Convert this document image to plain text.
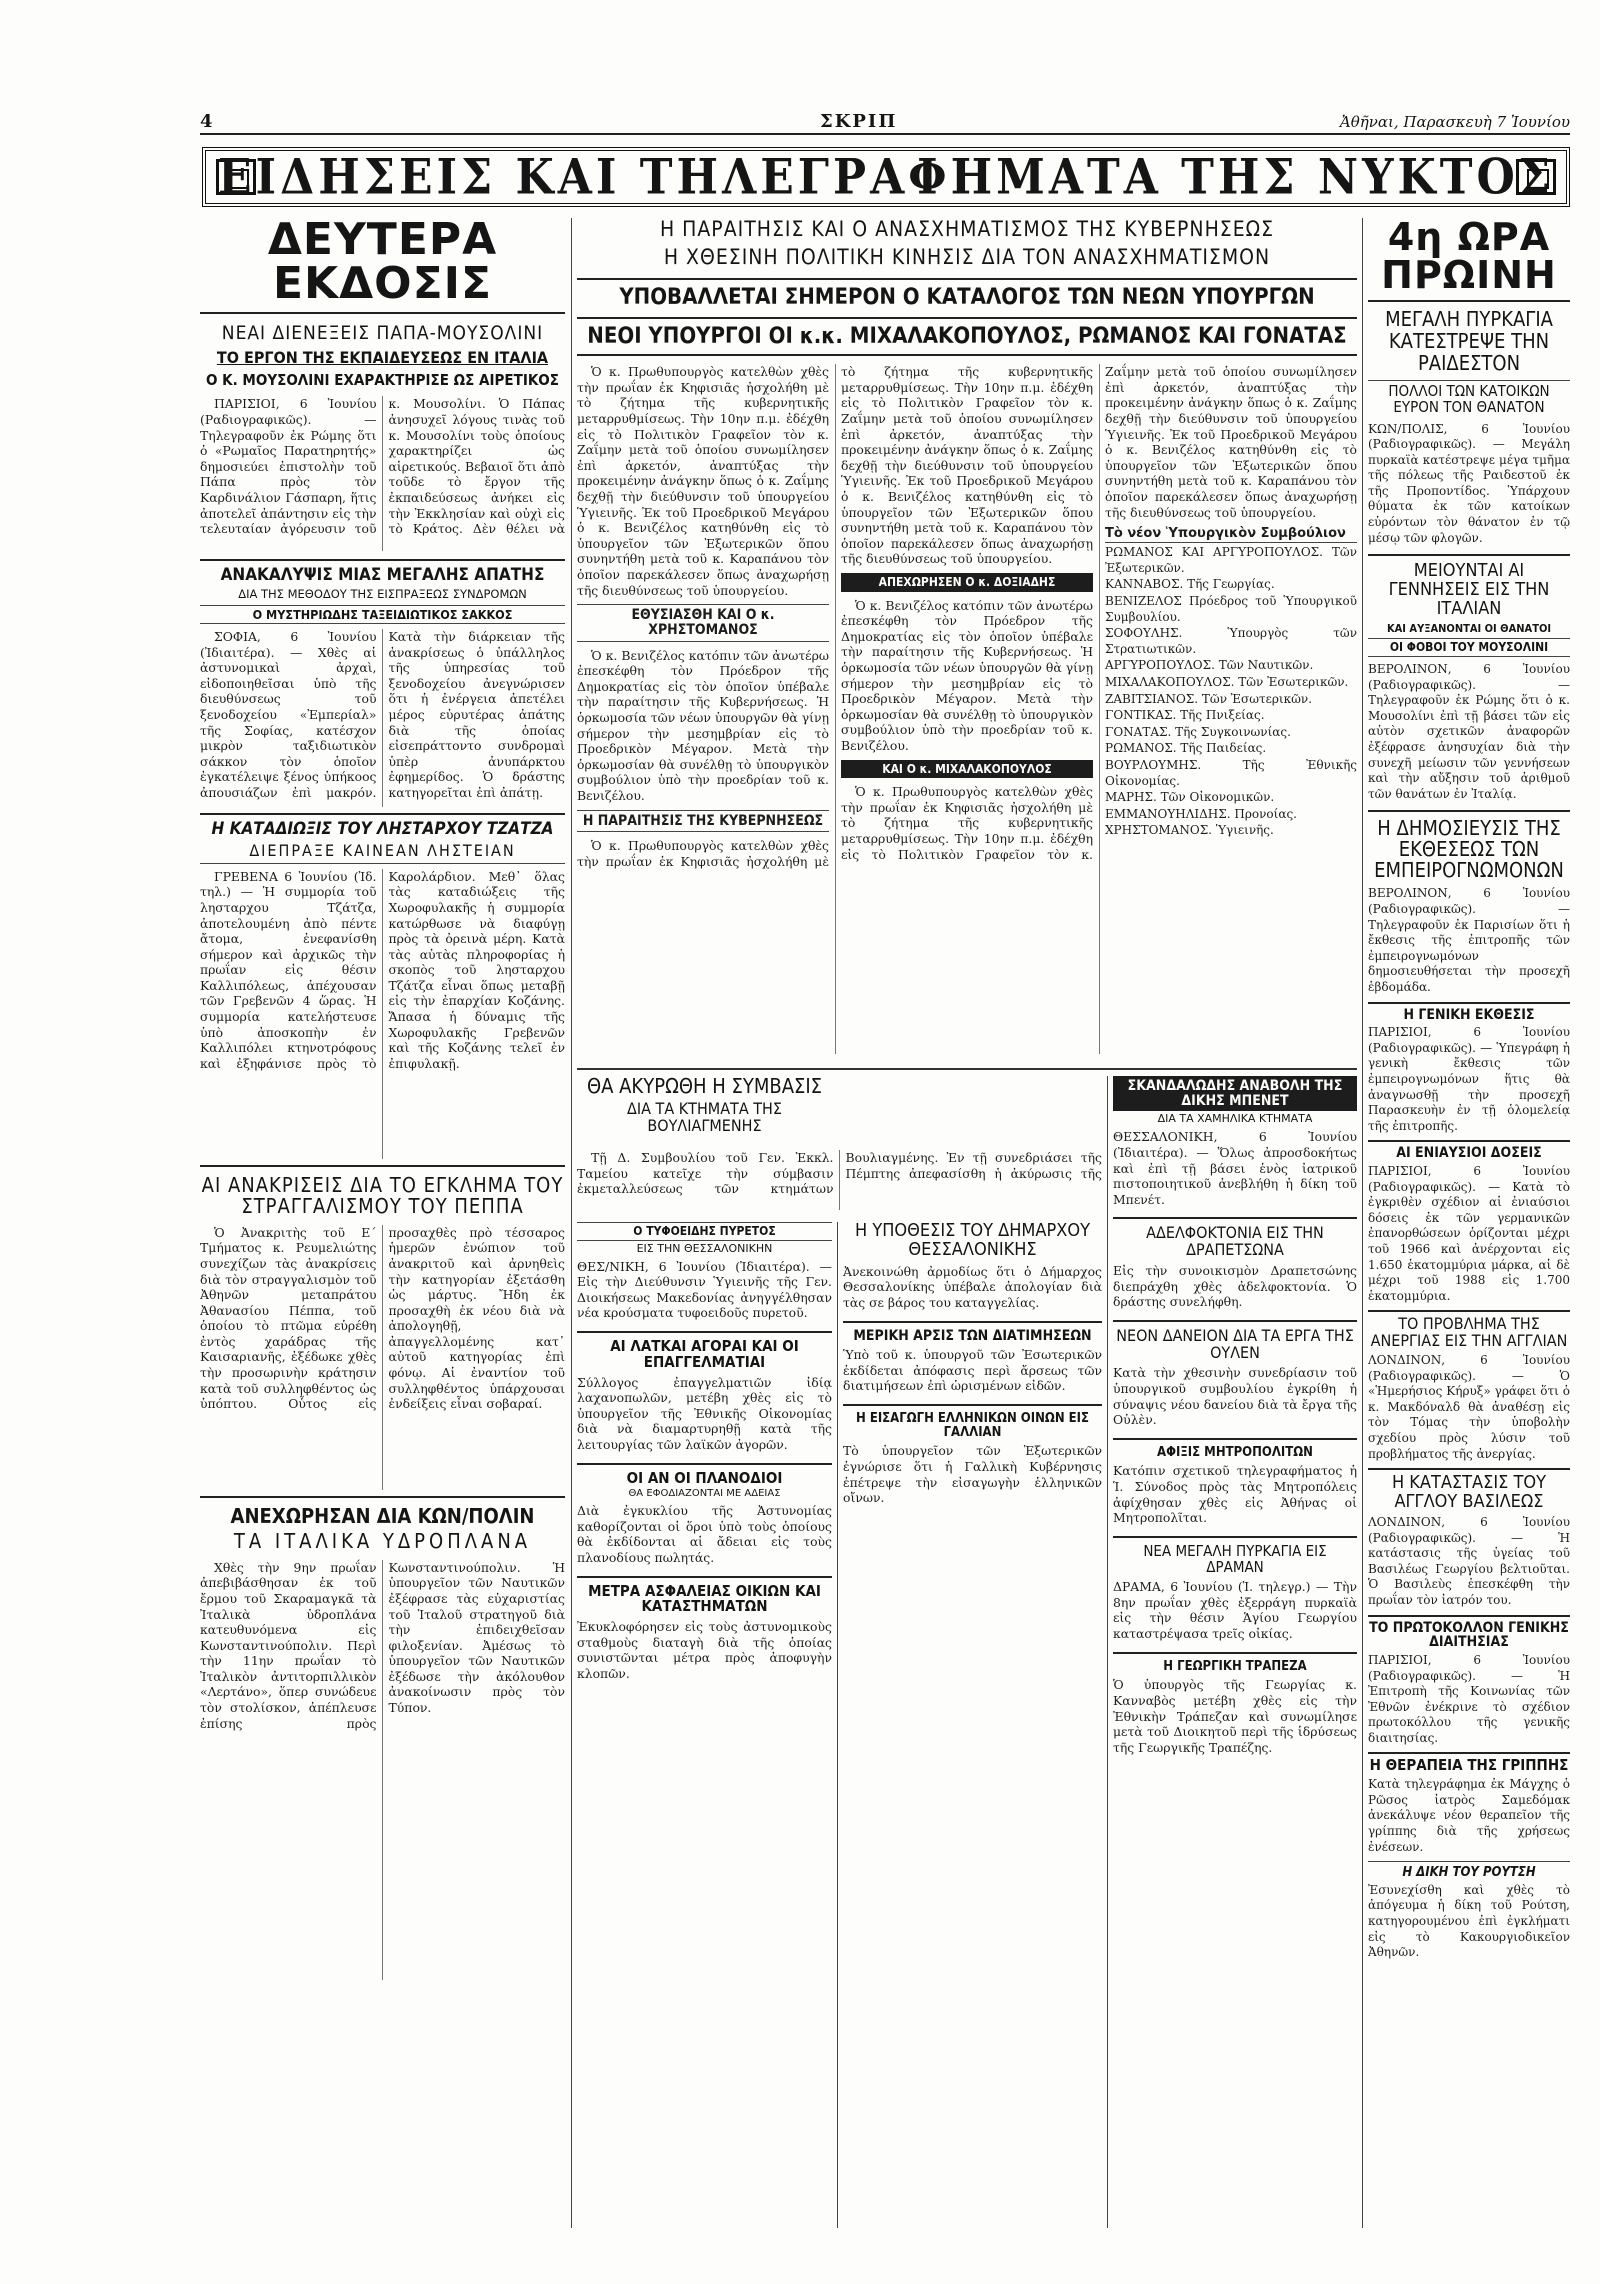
4	ΣΚΡΙΠ	Ἀθῆναι, Παρασκευὴ 7 Ἰουνίου
ΕΙΔΗΣΕΙΣ ΚΑΙ ΤΗΛΕΓΡΑΦΗΜΑΤΑ ΤΗΣ ΝΥΚΤΟΣ
ΔΕΥΤΕΡΑ ΕΚΔΟΣΙΣ
ΝΕΑΙ ΔΙΕΝΕΞΕΙΣ ΠΑΠΑ-ΜΟΥΣΟΛΙΝΙ
ΤΟ ΕΡΓΟΝ ΤΗΣ ΕΚΠΑΙΔΕΥΣΕΩΣ ΕΝ ΙΤΑΛΙΑ
Ο Κ. ΜΟΥΣΟΛΙΝΙ ΕΧΑΡΑΚΤΗΡΙΣΕ ΩΣ ΑΙΡΕΤΙΚΟΣ

ΠΑΡΙΣΙΟΙ, 6 Ἰουνίου (Ραδιογραφικῶς). — Τηλεγραφοῦν ἐκ Ρώμης ὅτι ὁ «Ρωμαῖος Παρατηρητής» δημοσιεύει ἐπιστολὴν τοῦ Πάπα πρὸς τὸν Καρδινάλιον Γάσπαρη, ἥτις ἀποτελεῖ ἀπάντησιν εἰς τὴν τελευταίαν ἀγόρευσιν τοῦ κ. Μουσολίνι. Ὁ Πάπας ἀνησυχεῖ λόγους τινὰς τοῦ κ. Μουσολίνι τοὺς ὁποίους χαρακτηρίζει ὡς αἱρετικούς. Βεβαιοῖ ὅτι ἀπὸ τοῦδε τὸ ἔργον τῆς ἐκπαιδεύσεως ἀνήκει εἰς τὴν Ἐκκλησίαν καὶ οὐχὶ εἰς τὸ Κράτος. Δὲν θέλει νὰ

ΑΝΑΚΑΛΥΨΙΣ ΜΙΑΣ ΜΕΓΑΛΗΣ ΑΠΑΤΗΣ
ΔΙΑ ΤΗΣ ΜΕΘΟΔΟΥ ΤΗΣ ΕΙΣΠΡΑΞΕΩΣ ΣΥΝΔΡΟΜΩΝ
Ο ΜΥΣΤΗΡΙΩΔΗΣ ΤΑΞΕΙΔΙΩΤΙΚΟΣ ΣΑΚΚΟΣ

ΣΟΦΙΑ, 6 Ἰουνίου (Ἰδιαιτέρα). — Χθὲς αἱ ἀστυνομικαὶ ἀρχαὶ, εἰδοποιηθεῖσαι ὑπὸ τῆς διευθύνσεως τοῦ ξενοδοχείου «Ἐμπερίαλ» τῆς Σοφίας, κατέσχον μικρὸν ταξιδιωτικὸν σάκκον τὸν ὁποῖον ἐγκατέλειψε ξένος ὑπήκοος ἀπουσιάζων ἐπὶ μακρόν. Κατὰ τὴν διάρκειαν τῆς ἀνακρίσεως ὁ ὑπάλληλος τῆς ὑπηρεσίας τοῦ ξενοδοχείου ἀνεγνώρισεν ὅτι ἡ ἐνέργεια ἀπετέλει μέρος εὐρυτέρας ἀπάτης διὰ τῆς ὁποίας εἰσεπράττοντο συνδρομαὶ ὑπὲρ ἀνυπάρκτου ἐφημερίδος. Ὁ δράστης κατηγορεῖται ἐπὶ ἀπάτῃ.

Η ΚΑΤΑΔΙΩΞΙΣ ΤΟΥ ΛΗΣΤΑΡΧΟΥ ΤΖΑΤΖΑ
ΔΙΕΠΡΑΞΕ ΚΑΙΝΕΑΝ ΛΗΣΤΕΙΑΝ

ΓΡΕΒΕΝΑ 6 Ἰουνίου (Ἰδ. τηλ.) — Ἡ συμμορία τοῦ λησταρχου Τζάτζα, ἀποτελουμένη ἀπὸ πέντε ἄτομα, ἐνεφανίσθη σήμερον καὶ ἀρχικῶς τὴν πρωΐαν εἰς θέσιν Καλλιπόλεως, ἀπέχουσαν τῶν Γρεβενῶν 4 ὥρας. Ἡ συμμορία κατελήστευσε ὑπὸ ἀποσκοπὴν ἐν Καλλιπόλει κτηνοτρόφους καὶ ἐξηφάνισε πρὸς τὸ Καρολάρδιον. Μεθ᾽ ὅλας τὰς καταδιώξεις τῆς Χωροφυλακῆς ἡ συμμορία κατώρθωσε νὰ διαφύγῃ πρὸς τὰ ὀρεινὰ μέρη. Κατὰ τὰς αὐτὰς πληροφορίας ἡ σκοπὸς τοῦ λησταρχου Τζάτζα εἶναι ὅπως μεταβῇ εἰς τὴν ἐπαρχίαν Κοζάνης. Ἄπασα ἡ δύναμις τῆς Χωροφυλακῆς Γρεβενῶν καὶ τῆς Κοζάνης τελεῖ ἐν ἐπιφυλακῇ.

ΑΙ ΑΝΑΚΡΙΣΕΙΣ ΔΙΑ ΤΟ ΕΓΚΛΗΜΑ ΤΟΥ ΣΤΡΑΓΓΑΛΙΣΜΟΥ ΤΟΥ ΠΕΠΠΑ

Ὁ Ἀνακριτὴς τοῦ Ε´ Τμήματος κ. Ρευμελιώτης συνεχίζων τὰς ἀνακρίσεις διὰ τὸν στραγγαλισμὸν τοῦ Ἀθηνῶν μεταπράτου Ἀθανασίου Πέππα, τοῦ ὁποίου τὸ πτῶμα εὑρέθη ἐντὸς χαράδρας τῆς Καισαριανῆς, ἐξέδωκε χθὲς τὴν προσωρινὴν κράτησιν κατὰ τοῦ συλληφθέντος ὡς ὑπόπτου. Οὗτος εἰς προσαχθὲς πρὸ τέσσαρος ἡμερῶν ἐνώπιον τοῦ ἀνακριτοῦ καὶ ἀρνηθεὶς τὴν κατηγορίαν ἐξετάσθη ὡς μάρτυς. Ἤδη ἐκ προσαχθὴ ἐκ νέου διὰ νὰ ἀπολογηθῇ, ἀπαγγελλομένης κατ᾽ αὐτοῦ κατηγορίας ἐπὶ φόνῳ. Αἱ ἐναντίον τοῦ συλληφθέντος ὑπάρχουσαι ἐνδείξεις εἶναι σοβαραί.

ΑΝΕΧΩΡΗΣΑΝ ΔΙΑ ΚΩΝ/ΠΟΛΙΝ
ΤΑ ΙΤΑΛΙΚΑ ΥΔΡΟΠΛΑΝΑ

Χθὲς τὴν 9ην πρωΐαν ἀπεβιβάσθησαν ἐκ τοῦ ἔρμου τοῦ Σκαραμαγκᾶ τὰ Ἰταλικὰ ὑδροπλάνα κατευθυνόμενα εἰς Κωνσταντινούπολιν. Περὶ τὴν 11ην πρωΐαν τὸ Ἰταλικὸν ἀντιτορπιλλικὸν «Λερτάνο», ὅπερ συνώδευε τὸν στολίσκον, ἀπέπλευσε ἐπίσης πρὸς Κωνσταντινούπολιν. Ἡ ὑπουργεῖον τῶν Ναυτικῶν ἐξέφρασε τὰς εὐχαριστίας τοῦ Ἰταλοῦ στρατηγοῦ διὰ τὴν ἐπιδειχθεῖσαν φιλοξενίαν. Ἀμέσως τὸ ὑπουργεῖον τῶν Ναυτικῶν ἐξέδωσε τὴν ἀκόλουθον ἀνακοίνωσιν πρὸς τὸν Τύπον.

Η ΠΑΡΑΙΤΗΣΙΣ ΚΑΙ Ο ΑΝΑΣΧΗΜΑΤΙΣΜΟΣ ΤΗΣ ΚΥΒΕΡΝΗΣΕΩΣ
Η ΧΘΕΣΙΝΗ ΠΟΛΙΤΙΚΗ ΚΙΝΗΣΙΣ ΔΙΑ ΤΟΝ ΑΝΑΣΧΗΜΑΤΙΣΜΟΝ
ΥΠΟΒΑΛΛΕΤΑΙ ΣΗΜΕΡΟΝ Ο ΚΑΤΑΛΟΓΟΣ ΤΩΝ ΝΕΩΝ ΥΠΟΥΡΓΩΝ
ΝΕΟΙ ΥΠΟΥΡΓΟΙ ΟΙ κ.κ. ΜΙΧΑΛΑΚΟΠΟΥΛΟΣ, ΡΩΜΑΝΟΣ ΚΑΙ ΓΟΝΑΤΑΣ

Ὁ κ. Πρωθυπουργὸς κατελθὼν χθὲς τὴν πρωΐαν ἐκ Κηφισιᾶς ἠσχολήθη μὲ τὸ ζήτημα τῆς κυβερνητικῆς μεταρρυθμίσεως. Τὴν 10ην π.μ. ἐδέχθη εἰς τὸ Πολιτικὸν Γραφεῖον τὸν κ. Ζαΐμην μετὰ τοῦ ὁποίου συνωμίλησεν ἐπὶ ἀρκετόν, ἀναπτύξας τὴν προκειμένην ἀνάγκην ὅπως ὁ κ. Ζαΐμης δεχθῇ τὴν διεύθυνσιν τοῦ ὑπουργείου Ὑγιεινῆς. Ἐκ τοῦ Προεδρικοῦ Μεγάρου ὁ κ. Βενιζέλος κατηθύνθη εἰς τὸ ὑπουργεῖον τῶν Ἐξωτερικῶν ὅπου συνηντήθη μετὰ τοῦ κ. Καραπάνου τὸν ὁποῖον παρεκάλεσεν ὅπως ἀναχωρήσῃ τῆς διευθύνσεως τοῦ ὑπουργείου.

ΕΘΥΣΙΑΣΘΗ ΚΑΙ Ο κ. ΧΡΗΣΤΟΜΑΝΟΣ

Ὁ κ. Βενιζέλος κατόπιν τῶν ἀνωτέρω ἐπεσκέφθη τὸν Πρόεδρον τῆς Δημοκρατίας εἰς τὸν ὁποῖον ὑπέβαλε τὴν παραίτησιν τῆς Κυβερνήσεως. Ἡ ὁρκωμοσία τῶν νέων ὑπουργῶν θὰ γίνῃ σήμερον τὴν μεσημβρίαν εἰς τὸ Προεδρικὸν Μέγαρον. Μετὰ τὴν ὁρκωμοσίαν θὰ συνέλθῃ τὸ ὑπουργικὸν συμβούλιον ὑπὸ τὴν προεδρίαν τοῦ κ. Βενιζέλου.

Η ΠΑΡΑΙΤΗΣΙΣ ΤΗΣ ΚΥΒΕΡΝΗΣΕΩΣ

Ὁ κ. Πρωθυπουργὸς κατελθὼν χθὲς τὴν πρωΐαν ἐκ Κηφισιᾶς ἠσχολήθη μὲ τὸ ζήτημα τῆς κυβερνητικῆς μεταρρυθμίσεως. Τὴν 10ην π.μ. ἐδέχθη εἰς τὸ Πολιτικὸν Γραφεῖον τὸν κ. Ζαΐμην μετὰ τοῦ ὁποίου συνωμίλησεν ἐπὶ ἀρκετόν, ἀναπτύξας τὴν προκειμένην ἀνάγκην ὅπως ὁ κ. Ζαΐμης δεχθῇ τὴν διεύθυνσιν τοῦ ὑπουργείου Ὑγιεινῆς. Ἐκ τοῦ Προεδρικοῦ Μεγάρου ὁ κ. Βενιζέλος κατηθύνθη εἰς τὸ ὑπουργεῖον τῶν Ἐξωτερικῶν ὅπου συνηντήθη μετὰ τοῦ κ. Καραπάνου τὸν ὁποῖον παρεκάλεσεν ὅπως ἀναχωρήσῃ τῆς διευθύνσεως τοῦ ὑπουργείου.

ΑΠΕΧΩΡΗΣΕΝ Ο κ. ΔΟΞΙΑΔΗΣ

Ὁ κ. Βενιζέλος κατόπιν τῶν ἀνωτέρω ἐπεσκέφθη τὸν Πρόεδρον τῆς Δημοκρατίας εἰς τὸν ὁποῖον ὑπέβαλε τὴν παραίτησιν τῆς Κυβερνήσεως. Ἡ ὁρκωμοσία τῶν νέων ὑπουργῶν θὰ γίνῃ σήμερον τὴν μεσημβρίαν εἰς τὸ Προεδρικὸν Μέγαρον. Μετὰ τὴν ὁρκωμοσίαν θὰ συνέλθῃ τὸ ὑπουργικὸν συμβούλιον ὑπὸ τὴν προεδρίαν τοῦ κ. Βενιζέλου.

ΚΑΙ Ο κ. ΜΙΧΑΛΑΚΟΠΟΥΛΟΣ

Ὁ κ. Πρωθυπουργὸς κατελθὼν χθὲς τὴν πρωΐαν ἐκ Κηφισιᾶς ἠσχολήθη μὲ τὸ ζήτημα τῆς κυβερνητικῆς μεταρρυθμίσεως. Τὴν 10ην π.μ. ἐδέχθη εἰς τὸ Πολιτικὸν Γραφεῖον τὸν κ. Ζαΐμην μετὰ τοῦ ὁποίου συνωμίλησεν ἐπὶ ἀρκετόν, ἀναπτύξας τὴν προκειμένην ἀνάγκην ὅπως ὁ κ. Ζαΐμης δεχθῇ τὴν διεύθυνσιν τοῦ ὑπουργείου Ὑγιεινῆς. Ἐκ τοῦ Προεδρικοῦ Μεγάρου ὁ κ. Βενιζέλος κατηθύνθη εἰς τὸ ὑπουργεῖον τῶν Ἐξωτερικῶν ὅπου συνηντήθη μετὰ τοῦ κ. Καραπάνου τὸν ὁποῖον παρεκάλεσεν ὅπως ἀναχωρήσῃ τῆς διευθύνσεως τοῦ ὑπουργείου.

Τὸ νέον Ὑπουργικὸν Συμβούλιον

ΡΩΜΑΝΟΣ ΚΑΙ ΑΡΓΥΡΟΠΟΥΛΟΣ. Τῶν Ἐξωτερικῶν.

ΚΑΝΝΑΒΟΣ. Τῆς Γεωργίας.

ΒΕΝΙΖΕΛΟΣ Πρόεδρος τοῦ Ὑπουργικοῦ Συμβουλίου.

ΣΟΦΟΥΛΗΣ. Ὑπουργὸς τῶν Στρατιωτικῶν.

ΑΡΓΥΡΟΠΟΥΛΟΣ. Τῶν Ναυτικῶν.

ΜΙΧΑΛΑΚΟΠΟΥΛΟΣ. Τῶν Ἐσωτερικῶν.

ΖΑΒΙΤΣΙΑΝΟΣ. Τῶν Ἐσωτερικῶν.

ΓΟΝΤΙΚΑΣ. Τῆς Πνιξείας.

ΓΟΝΑΤΑΣ. Τῆς Συγκοινωνίας.

ΡΩΜΑΝΟΣ. Τῆς Παιδείας.

ΒΟΥΡΛΟΥΜΗΣ. Τῆς Ἐθνικῆς Οἰκονομίας.

ΜΑΡΗΣ. Τῶν Οἰκονομικῶν.

ΕΜΜΑΝΟΥΗΛΙΔΗΣ. Προνοίας.

ΧΡΗΣΤΟΜΑΝΟΣ. Ὑγιεινῆς.

4η ΩΡΑ ΠΡΩΙΝΗ
ΜΕΓΑΛΗ ΠΥΡΚΑΓΙΑ ΚΑΤΕΣΤΡΕΨΕ ΤΗΝ ΡΑΙΔΕΣΤΟΝ
ΠΟΛΛΟΙ ΤΩΝ ΚΑΤΟΙΚΩΝ ΕΥΡΟΝ ΤΟΝ ΘΑΝΑΤΟΝ
ΚΩΝ/ΠΟΛΙΣ, 6 Ἰουνίου (Ραδιογραφικῶς). — Μεγάλη πυρκαϊὰ κατέστρεψε μέγα τμῆμα τῆς πόλεως τῆς Ραιδεστοῦ ἐκ τῆς Προποντίδος. Ὑπάρχουν θύματα ἐκ τῶν κατοίκων εὑρόντων τὸν θάνατον ἐν τῷ μέσῳ τῶν φλογῶν.
ΜΕΙΟΥΝΤΑΙ ΑΙ ΓΕΝΝΗΣΕΙΣ ΕΙΣ ΤΗΝ ΙΤΑΛΙΑΝ
ΚΑΙ ΑΥΞΑΝΟΝΤΑΙ ΟΙ ΘΑΝΑΤΟΙ
ΟΙ ΦΟΒΟΙ ΤΟΥ ΜΟΥΣΟΛΙΝΙ
ΒΕΡΟΛΙΝΟΝ, 6 Ἰουνίου (Ραδιογραφικῶς). — Τηλεγραφοῦν ἐκ Ρώμης ὅτι ὁ κ. Μουσολίνι ἐπὶ τῇ βάσει τῶν εἰς αὐτὸν σχετικῶν ἀναφορῶν ἐξέφρασε ἀνησυχίαν διὰ τὴν συνεχῆ μείωσιν τῶν γεννήσεων καὶ τὴν αὔξησιν τοῦ ἀριθμοῦ τῶν θανάτων ἐν Ἰταλίᾳ.
Η ΔΗΜΟΣΙΕΥΣΙΣ ΤΗΣ ΕΚΘΕΣΕΩΣ ΤΩΝ ΕΜΠΕΙΡΟΓΝΩΜΟΝΩΝ
ΒΕΡΟΛΙΝΟΝ, 6 Ἰουνίου (Ραδιογραφικῶς). — Τηλεγραφοῦν ἐκ Παρισίων ὅτι ἡ ἔκθεσις τῆς ἐπιτροπῆς τῶν ἐμπειρογνωμόνων δημοσιευθήσεται τὴν προσεχῆ ἑβδομάδα.
Η ΓΕΝΙΚΗ ΕΚΘΕΣΙΣ
ΠΑΡΙΣΙΟΙ, 6 Ἰουνίου (Ραδιογραφικῶς). — Ὑπεγράφη ἡ γενικὴ ἔκθεσις τῶν ἐμπειρογνωμόνων ἥτις θὰ ἀναγνωσθῇ τὴν προσεχῆ Παρασκευὴν ἐν τῇ ὁλομελείᾳ τῆς ἐπιτροπῆς.
ΑΙ ΕΝΙΑΥΣΙΟΙ ΔΟΣΕΙΣ
ΠΑΡΙΣΙΟΙ, 6 Ἰουνίου (Ραδιογραφικῶς). — Κατὰ τὸ ἐγκριθὲν σχέδιον αἱ ἐνιαύσιοι δόσεις ἐκ τῶν γερμανικῶν ἐπανορθώσεων ὁρίζονται μέχρι τοῦ 1966 καὶ ἀνέρχονται εἰς 1.650 ἑκατομμύρια μάρκα, αἱ δὲ μέχρι τοῦ 1988 εἰς 1.700 ἑκατομμύρια.
ΤΟ ΠΡΟΒΛΗΜΑ ΤΗΣ ΑΝΕΡΓΙΑΣ ΕΙΣ ΤΗΝ ΑΓΓΛΙΑΝ
ΛΟΝΔΙΝΟΝ, 6 Ἰουνίου (Ραδιογραφικῶς). — Ὁ «Ἡμερήσιος Κήρυξ» γράφει ὅτι ὁ κ. Μακδόναλδ θὰ ἀναθέσῃ εἰς τὸν Τόμας τὴν ὑποβολὴν σχεδίου πρὸς λύσιν τοῦ προβλήματος τῆς ἀνεργίας.
Η ΚΑΤΑΣΤΑΣΙΣ ΤΟΥ ΑΓΓΛΟΥ ΒΑΣΙΛΕΩΣ
ΛΟΝΔΙΝΟΝ, 6 Ἰουνίου (Ραδιογραφικῶς). — Ἡ κατάστασις τῆς ὑγείας τοῦ Βασιλέως Γεωργίου βελτιοῦται. Ὁ Βασιλεὺς ἐπεσκέφθη τὴν πρωΐαν τὸν ἰατρόν του.
ΤΟ ΠΡΩΤΟΚΟΛΛΟΝ ΓΕΝΙΚΗΣ ΔΙΑΙΤΗΣΙΑΣ
ΠΑΡΙΣΙΟΙ, 6 Ἰουνίου (Ραδιογραφικῶς). — Ἡ Ἐπιτροπὴ τῆς Κοινωνίας τῶν Ἐθνῶν ἐνέκρινε τὸ σχέδιον πρωτοκόλλου τῆς γενικῆς διαιτησίας.
Η ΘΕΡΑΠΕΙΑ ΤΗΣ ΓΡΙΠΠΗΣ
Κατὰ τηλεγράφημα ἐκ Μάγχης ὁ Ρῶσος ἰατρὸς Σαμεδόμακ ἀνεκάλυψε νέον θεραπεῖον τῆς γρίππης διὰ τῆς χρήσεως ἐνέσεων.
Η ΔΙΚΗ ΤΟΥ ΡΟΥΤΣΗ
Ἐσυνεχίσθη καὶ χθὲς τὸ ἀπόγευμα ἡ δίκη τοῦ Ρούτση, κατηγορουμένου ἐπὶ ἐγκλήματι εἰς τὸ Κακουργιοδικεῖον Ἀθηνῶν.
ΘΑ ΑΚΥΡΩΘΗ Η ΣΥΜΒΑΣΙΣ
ΔΙΑ ΤΑ ΚΤΗΜΑΤΑ ΤΗΣ ΒΟΥΛΙΑΓΜΕΝΗΣ

Τῇ Δ. Συμβουλίου τοῦ Γεν. Ἐκκλ. Ταμείου κατεῖχε τὴν σύμβασιν ἐκμεταλλεύσεως τῶν κτημάτων Βουλιαγμένης. Ἐν τῇ συνεδριάσει τῆς Πέμπτης ἀπεφασίσθη ἡ ἀκύρωσις τῆς

Ο ΤΥΦΟΕΙΔΗΣ ΠΥΡΕΤΟΣ
ΕΙΣ ΤΗΝ ΘΕΣΣΑΛΟΝΙΚΗΝ
ΘΕΣ/ΝΙΚΗ, 6 Ἰουνίου (Ἰδιαιτέρα). — Εἰς τὴν Διεύθυνσιν Ὑγιεινῆς τῆς Γεν. Διοικήσεως Μακεδονίας ἀνηγγέλθησαν νέα κρούσματα τυφοειδοῦς πυρετοῦ.
ΑΙ ΛΑΤΚΑΙ ΑΓΟΡΑΙ ΚΑΙ ΟΙ ΕΠΑΓΓΕΛΜΑΤΙΑΙ
Σύλλογος ἐπαγγελματιῶν ἰδίᾳ λαχανοπωλῶν, μετέβη χθὲς εἰς τὸ ὑπουργεῖον τῆς Ἐθνικῆς Οἰκονομίας διὰ νὰ διαμαρτυρηθῇ κατὰ τῆς λειτουργίας τῶν λαϊκῶν ἀγορῶν.
ΟΙ ΑΝ ΟΙ ΠΛΑΝΟΔΙΟΙ
ΘΑ ΕΦΟΔΙΑΖΟΝΤΑΙ ΜΕ ΑΔΕΙΑΣ
Διὰ ἐγκυκλίου τῆς Ἀστυνομίας καθορίζονται οἱ ὅροι ὑπὸ τοὺς ὁποίους θὰ ἐκδίδονται αἱ ἄδειαι εἰς τοὺς πλανοδίους πωλητάς.
ΜΕΤΡΑ ΑΣΦΑΛΕΙΑΣ ΟΙΚΙΩΝ ΚΑΙ ΚΑΤΑΣΤΗΜΑΤΩΝ
Ἐκυκλοφόρησεν εἰς τοὺς ἀστυνομικοὺς σταθμοὺς διαταγὴ διὰ τῆς ὁποίας συνιστῶνται μέτρα πρὸς ἀποφυγὴν κλοπῶν.
Η ΥΠΟΘΕΣΙΣ ΤΟΥ ΔΗΜΑΡΧΟΥ ΘΕΣΣΑΛΟΝΙΚΗΣ
Ἀνεκοινώθη ἀρμοδίως ὅτι ὁ Δήμαρχος Θεσσαλονίκης ὑπέβαλε ἀπολογίαν διὰ τὰς σε βάρος του καταγγελίας.
ΜΕΡΙΚΗ ΑΡΣΙΣ ΤΩΝ ΔΙΑΤΙΜΗΣΕΩΝ
Ὑπὸ τοῦ κ. ὑπουργοῦ τῶν Ἐσωτερικῶν ἐκδίδεται ἀπόφασις περὶ ἄρσεως τῶν διατιμήσεων ἐπὶ ὡρισμένων εἰδῶν.
Η ΕΙΣΑΓΩΓΗ ΕΛΛΗΝΙΚΩΝ ΟΙΝΩΝ ΕΙΣ ΓΑΛΛΙΑΝ
Τὸ ὑπουργεῖον τῶν Ἐξωτερικῶν ἐγνώρισε ὅτι ἡ Γαλλικὴ Κυβέρνησις ἐπέτρεψε τὴν εἰσαγωγὴν ἑλληνικῶν οἴνων.
ΣΚΑΝΔΑΛΩΔΗΣ ΑΝΑΒΟΛΗ ΤΗΣ ΔΙΚΗΣ ΜΠΕΝΕΤ
ΔΙΑ ΤΑ ΧΑΜΗΛΙΚΑ ΚΤΗΜΑΤΑ
ΘΕΣΣΑΛΟΝΙΚΗ, 6 Ἰουνίου (Ἰδιαιτέρα). — Ὅλως ἀπροσδοκήτως καὶ ἐπὶ τῇ βάσει ἑνὸς ἰατρικοῦ πιστοποιητικοῦ ἀνεβλήθη ἡ δίκη τοῦ Μπενέτ.
ΑΔΕΛΦΟΚΤΟΝΙΑ ΕΙΣ ΤΗΝ ΔΡΑΠΕΤΣΩΝΑ
Εἰς τὴν συνοικισμὸν Δραπετσώνης διεπράχθη χθὲς ἀδελφοκτονία. Ὁ δράστης συνελήφθη.
ΝΕΟΝ ΔΑΝΕΙΟΝ ΔΙΑ ΤΑ ΕΡΓΑ ΤΗΣ ΟΥΛΕΝ
Κατὰ τὴν χθεσινὴν συνεδρίασιν τοῦ ὑπουργικοῦ συμβουλίου ἐγκρίθη ἡ σύναψις νέου δανείου διὰ τὰ ἔργα τῆς Οὐλὲν.
ΑΦΙΞΙΣ ΜΗΤΡΟΠΟΛΙΤΩΝ
Κατόπιν σχετικοῦ τηλεγραφήματος ἡ Ἱ. Σύνοδος πρὸς τὰς Μητροπόλεις ἀφίχθησαν χθὲς εἰς Ἀθήνας οἱ Μητροπολῖται.
ΝΕΑ ΜΕΓΑΛΗ ΠΥΡΚΑΓΙΑ ΕΙΣ ΔΡΑΜΑΝ
ΔΡΑΜΑ, 6 Ἰουνίου (Ἰ. τηλεγρ.) — Τὴν 8ην πρωΐαν χθὲς ἐξερράγη πυρκαϊὰ εἰς τὴν θέσιν Ἁγίου Γεωργίου καταστρέψασα τρεῖς οἰκίας.
Η ΓΕΩΡΓΙΚΗ ΤΡΑΠΕΖΑ
Ὁ ὑπουργὸς τῆς Γεωργίας κ. Κανναβὸς μετέβη χθὲς εἰς τὴν Ἐθνικὴν Τράπεζαν καὶ συνωμίλησε μετὰ τοῦ Διοικητοῦ περὶ τῆς ἱδρύσεως τῆς Γεωργικῆς Τραπέζης.
